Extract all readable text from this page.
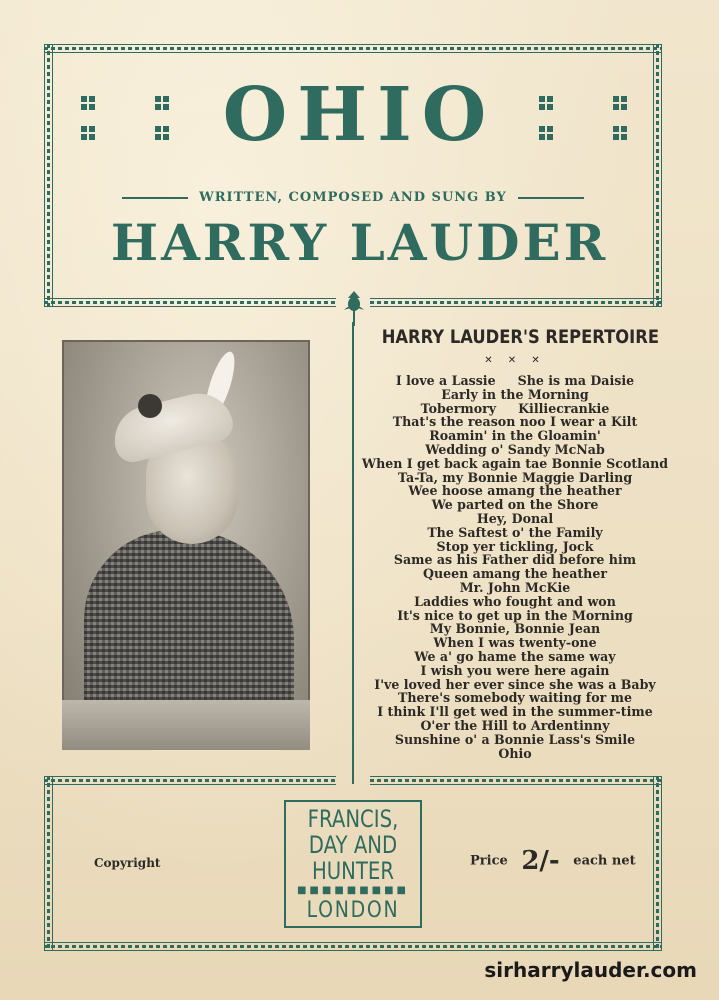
OHIO
WRITTEN, COMPOSED AND SUNG BY
HARRY LAUDER
HARRY LAUDER'S REPERTOIRE
✕ ✕ ✕
I love a Lassie She is ma Daisie
Early in the Morning
Tobermory Killiecrankie
That's the reason noo I wear a Kilt
Roamin' in the Gloamin'
Wedding o' Sandy McNab
When I get back again tae Bonnie Scotland
Ta-Ta, my Bonnie Maggie Darling
Wee hoose amang the heather
We parted on the Shore
Hey, Donal
The Saftest o' the Family
Stop yer tickling, Jock
Same as his Father did before him
Queen amang the heather
Mr. John McKie
Laddies who fought and won
It's nice to get up in the Morning
My Bonnie, Bonnie Jean
When I was twenty-one
We a' go hame the same way
I wish you were here again
I've loved her ever since she was a Baby
There's somebody waiting for me
I think I'll get wed in the summer-time
O'er the Hill to Ardentinny
Sunshine o' a Bonnie Lass's Smile
Ohio
Copyright
FRANCIS,
DAY AND
HUNTER
■■■■■■■■■
LONDON
Price 2/- each net
sirharrylauder.com
